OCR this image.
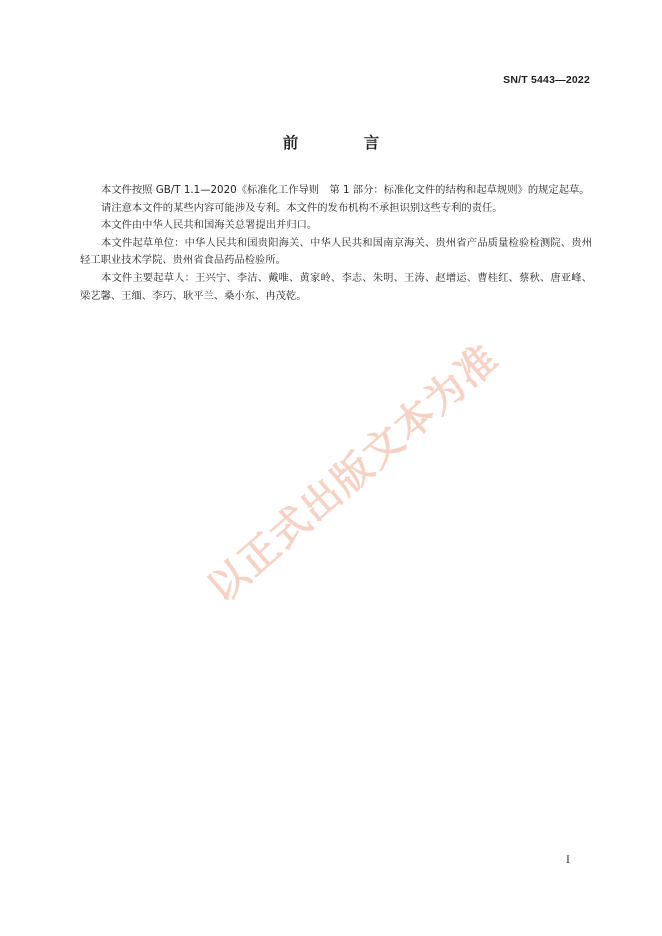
SN/T 5443—2022
前 言

本文件按照 GB/T 1.1—2020《标准化工作导则　第 1 部分：标准化文件的结构和起草规则》的规定起草。

请注意本文件的某些内容可能涉及专利。本文件的发布机构不承担识别这些专利的责任。

本文件由中华人民共和国海关总署提出并归口。

本文件起草单位：中华人民共和国贵阳海关、中华人民共和国南京海关、贵州省产品质量检验检测院、贵州轻工职业技术学院、贵州省食品药品检验所。

本文件主要起草人：王兴宁、李洁、戴唯、黄家岭、李志、朱明、王涛、赵增运、曹桂红、蔡秋、唐亚峰、梁艺馨、王缅、李巧、耿平兰、桑小东、冉茂乾。

以正式出版文本为准
I
